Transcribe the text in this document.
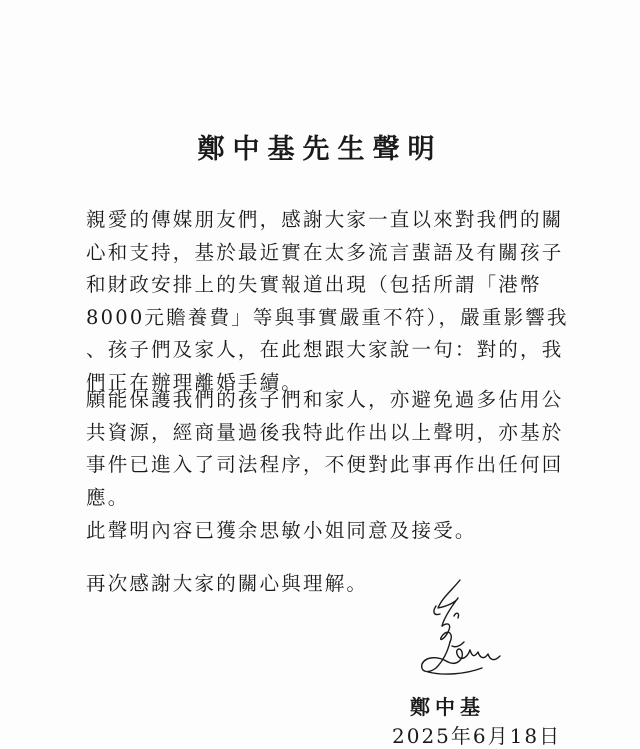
鄭中基先生聲明
親愛的傳媒朋友們，感謝大家一直以來對我們的關
心和支持，基於最近實在太多流言蜚語及有關孩子
和財政安排上的失實報道出現（包括所謂「港幣
8000元贍養費」等與事實嚴重不符），嚴重影響我
、孩子們及家人，在此想跟大家說一句：對的，我
們正在辦理離婚手續。
願能保護我們的孩子們和家人，亦避免過多佔用公
共資源，經商量過後我特此作出以上聲明，亦基於
事件已進入了司法程序，不便對此事再作出任何回
應。
此聲明內容已獲余思敏小姐同意及接受。
再次感謝大家的關心與理解。
鄭中基
2025年6月18日
